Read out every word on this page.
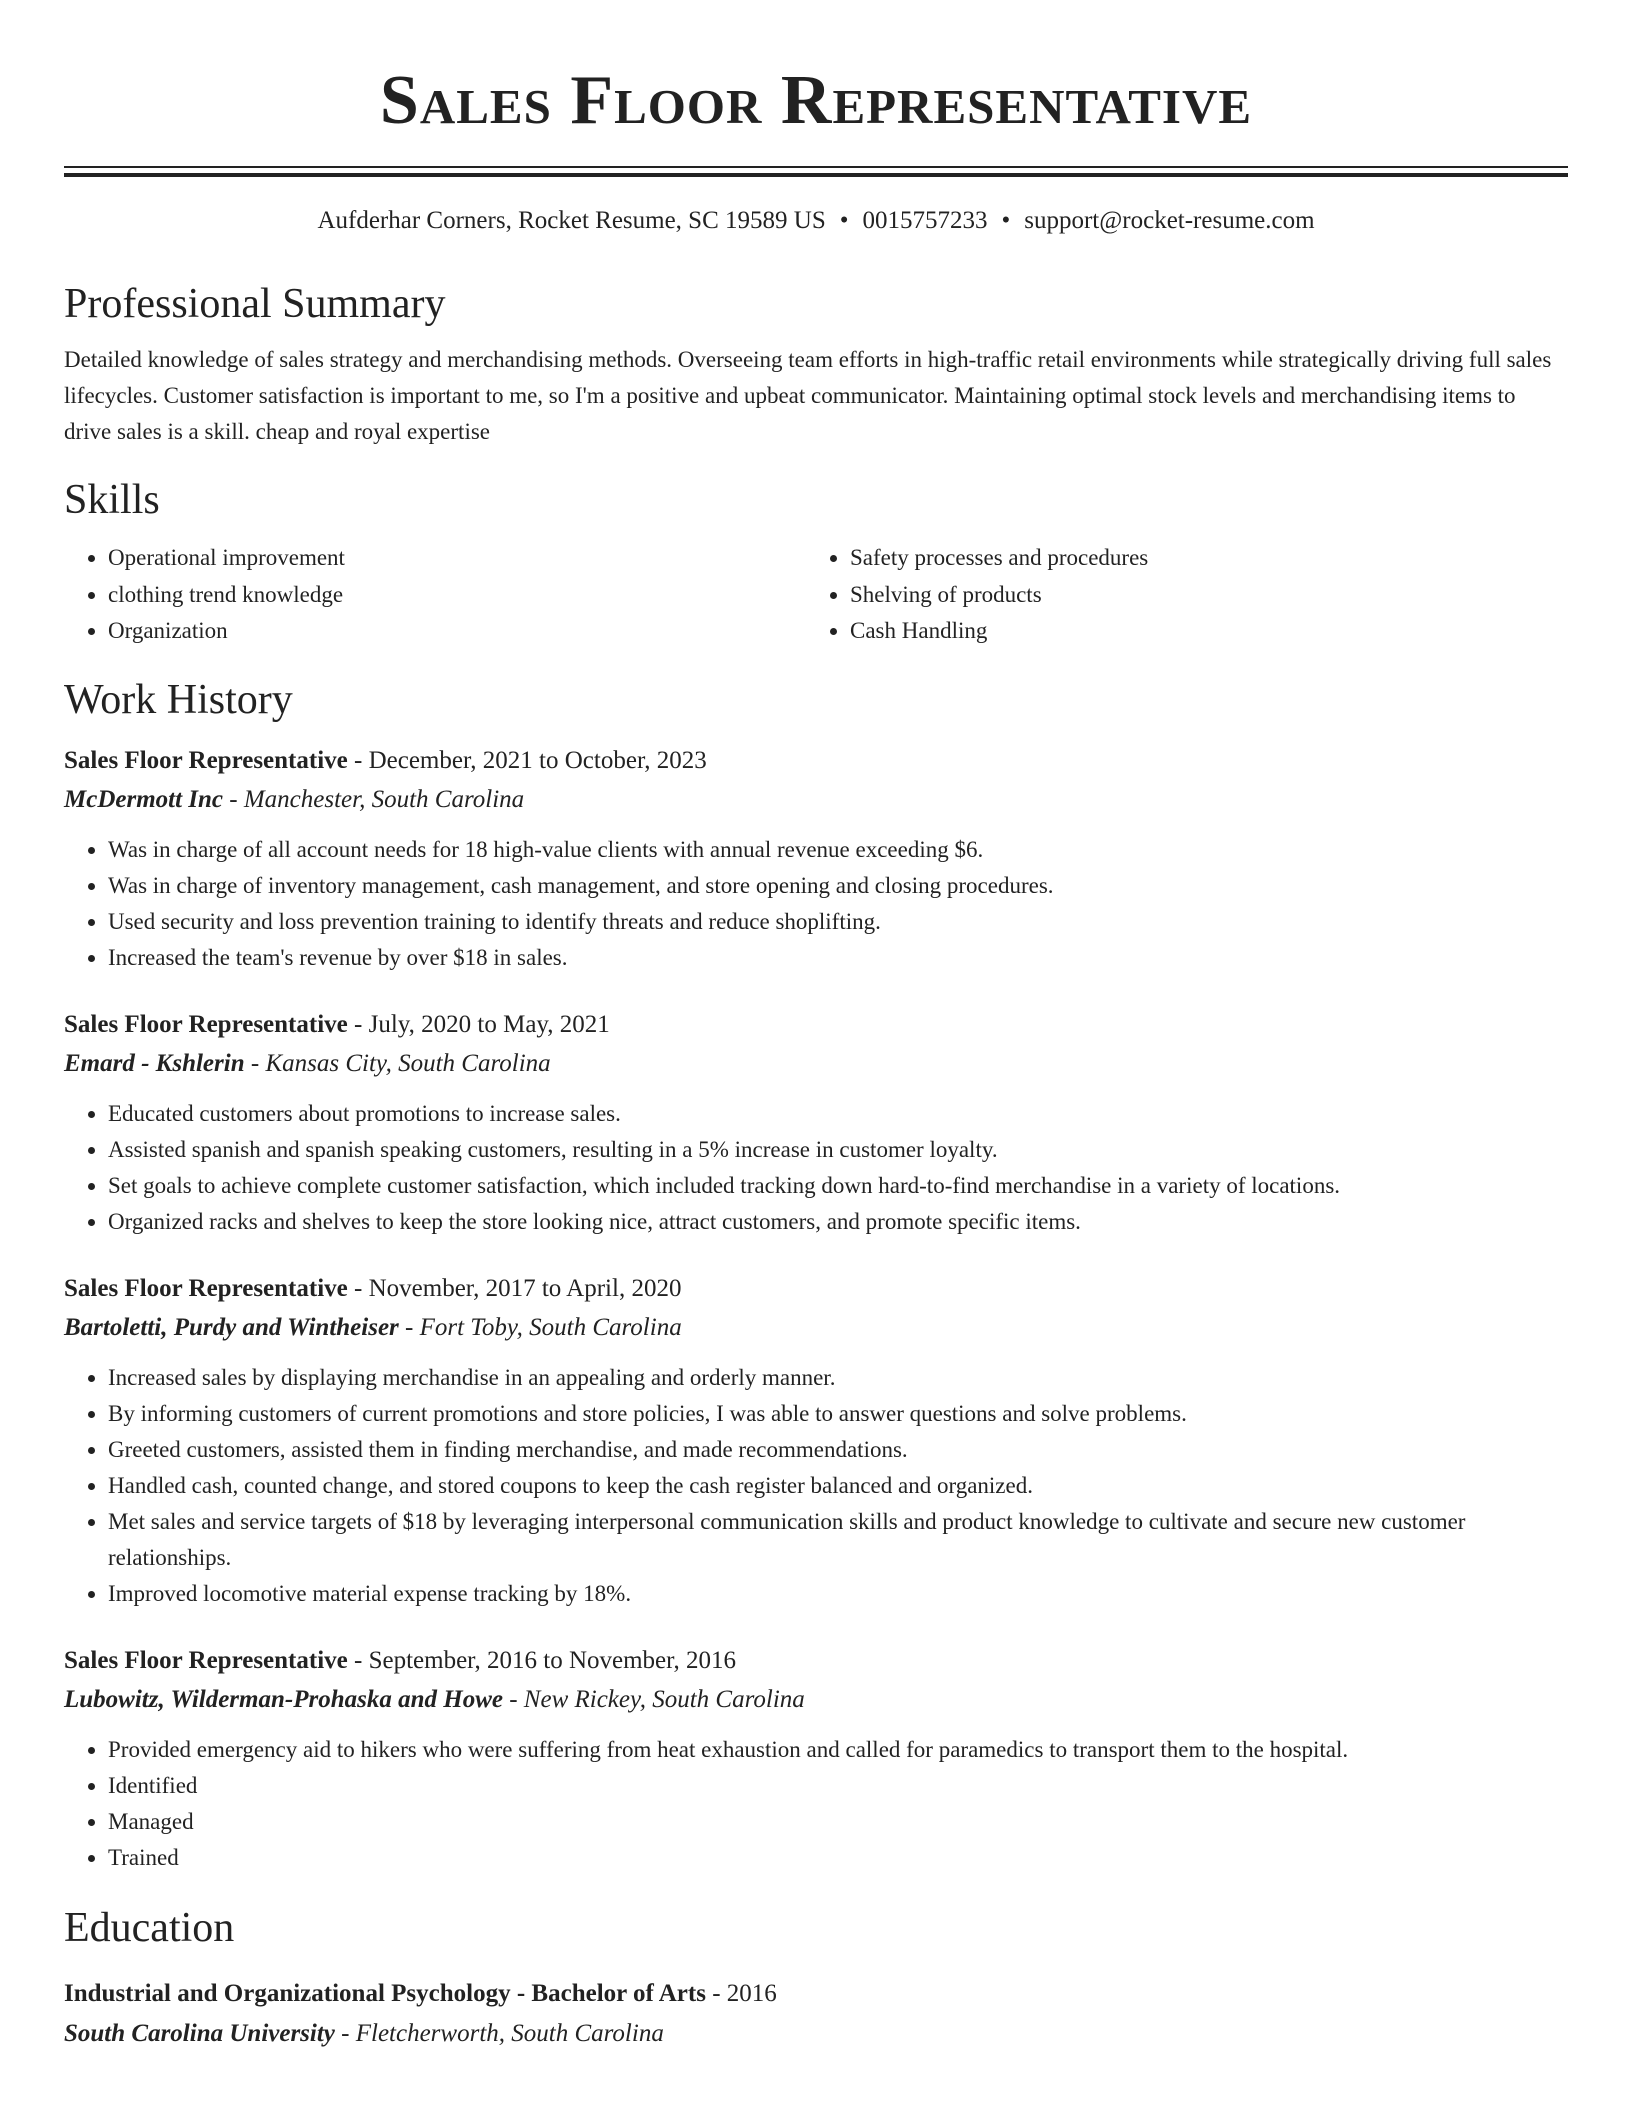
Sales Floor Representative
Aufderhar Corners, Rocket Resume, SC 19589 US • 0015757233 • support@rocket-resume.com
Professional Summary
Detailed knowledge of sales strategy and merchandising methods. Overseeing team efforts in high-traffic retail environments while strategically driving full sales lifecycles. Customer satisfaction is important to me, so I'm a positive and upbeat communicator. Maintaining optimal stock levels and merchandising items to drive sales is a skill. cheap and royal expertise
Skills
• Operational improvement
• clothing trend knowledge
• Organization
• Safety processes and procedures
• Shelving of products
• Cash Handling
Work History
Sales Floor Representative - December, 2021 to October, 2023
McDermott Inc - Manchester, South Carolina
• Was in charge of all account needs for 18 high-value clients with annual revenue exceeding $6.
• Was in charge of inventory management, cash management, and store opening and closing procedures.
• Used security and loss prevention training to identify threats and reduce shoplifting.
• Increased the team's revenue by over $18 in sales.
Sales Floor Representative - July, 2020 to May, 2021
Emard - Kshlerin - Kansas City, South Carolina
• Educated customers about promotions to increase sales.
• Assisted spanish and spanish speaking customers, resulting in a 5% increase in customer loyalty.
• Set goals to achieve complete customer satisfaction, which included tracking down hard-to-find merchandise in a variety of locations.
• Organized racks and shelves to keep the store looking nice, attract customers, and promote specific items.
Sales Floor Representative - November, 2017 to April, 2020
Bartoletti, Purdy and Wintheiser - Fort Toby, South Carolina
• Increased sales by displaying merchandise in an appealing and orderly manner.
• By informing customers of current promotions and store policies, I was able to answer questions and solve problems.
• Greeted customers, assisted them in finding merchandise, and made recommendations.
• Handled cash, counted change, and stored coupons to keep the cash register balanced and organized.
• Met sales and service targets of $18 by leveraging interpersonal communication skills and product knowledge to cultivate and secure new customer relationships.
• Improved locomotive material expense tracking by 18%.
Sales Floor Representative - September, 2016 to November, 2016
Lubowitz, Wilderman-Prohaska and Howe - New Rickey, South Carolina
• Provided emergency aid to hikers who were suffering from heat exhaustion and called for paramedics to transport them to the hospital.
• Identified
• Managed
• Trained
Education
Industrial and Organizational Psychology - Bachelor of Arts - 2016
South Carolina University - Fletcherworth, South Carolina
